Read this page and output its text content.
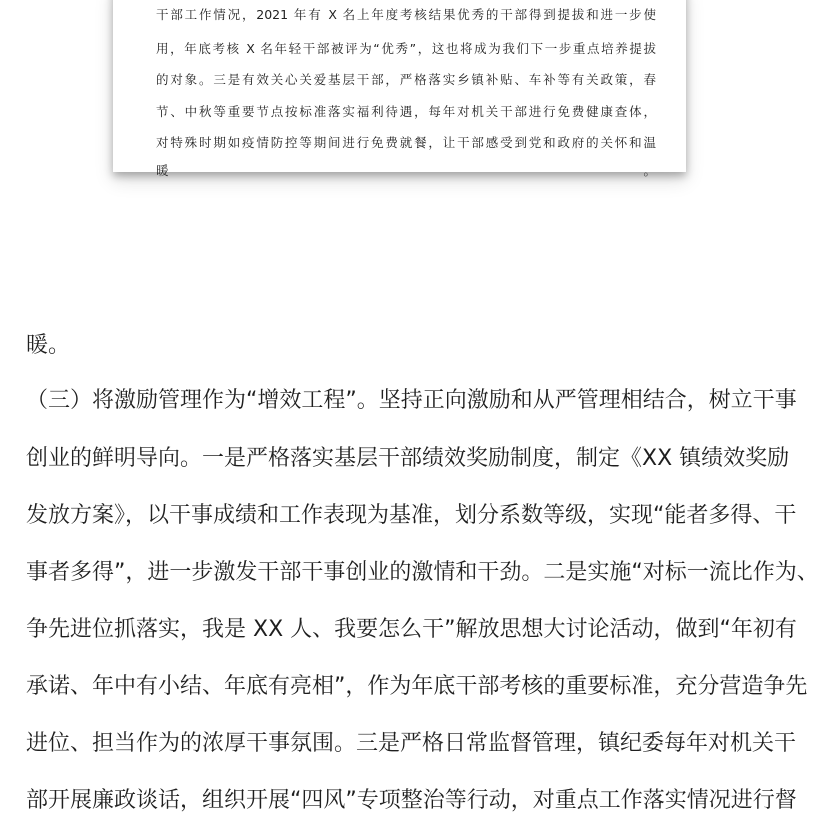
干部工作情况，2021 年有 X 名上年度考核结果优秀的干部得到提拔和进一步使
用，年底考核 X 名年轻干部被评为“优秀”，这也将成为我们下一步重点培养提拔
的对象。三是有效关心关爱基层干部，严格落实乡镇补贴、车补等有关政策，春
节、中秋等重要节点按标准落实福利待遇，每年对机关干部进行免费健康查体，
对特殊时期如疫情防控等期间进行免费就餐，让干部感受到党和政府的关怀和温
暖。
暖。
（三）将激励管理作为“增效工程”。坚持正向激励和从严管理相结合，树立干事
创业的鲜明导向。一是严格落实基层干部绩效奖励制度，制定《XX 镇绩效奖励
发放方案》，以干事成绩和工作表现为基准，划分系数等级，实现“能者多得、干
事者多得”，进一步激发干部干事创业的激情和干劲。二是实施“对标一流比作为、
争先进位抓落实，我是 XX 人、我要怎么干”解放思想大讨论活动，做到“年初有
承诺、年中有小结、年底有亮相”，作为年底干部考核的重要标准，充分营造争先
进位、担当作为的浓厚干事氛围。三是严格日常监督管理，镇纪委每年对机关干
部开展廉政谈话，组织开展“四风”专项整治等行动，对重点工作落实情况进行督
